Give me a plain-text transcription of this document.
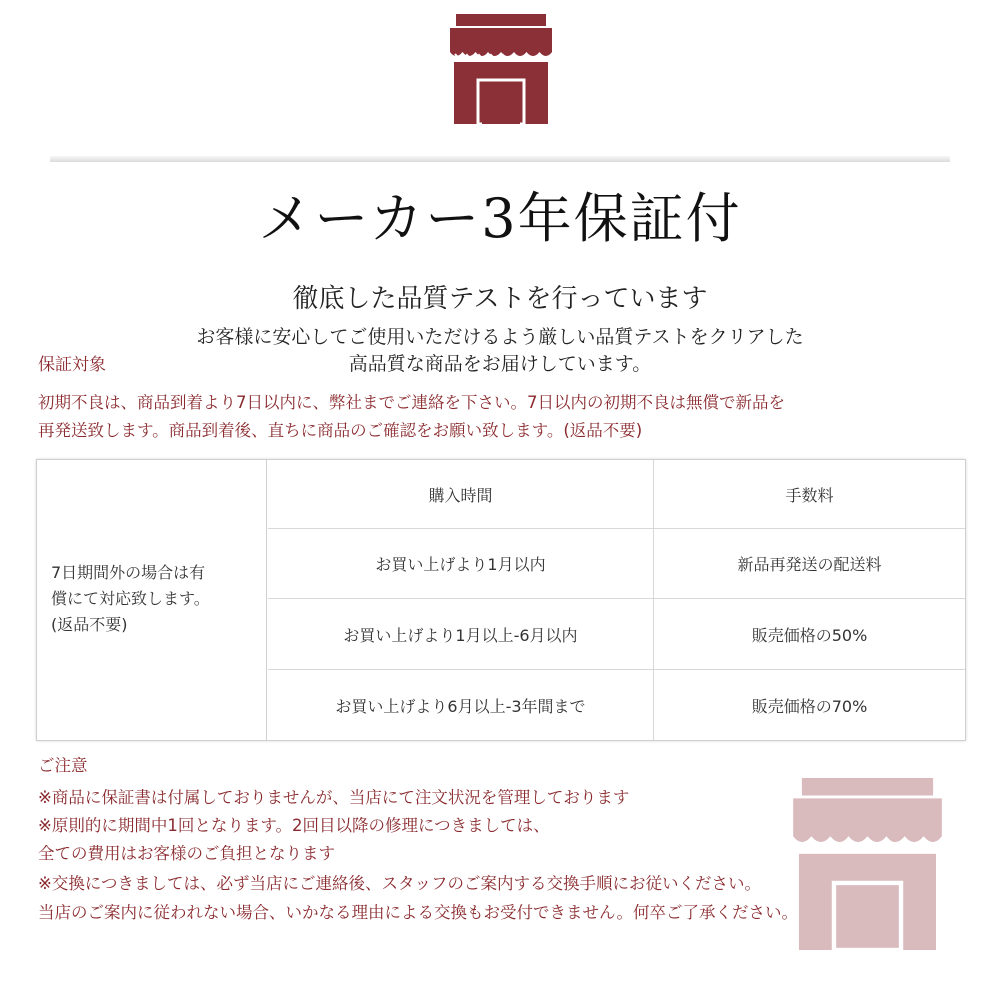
メーカー3年保証付
徹底した品質テストを行っています
お客様に安心してご使用いただけるよう厳しい品質テストをクリアした
高品質な商品をお届けしています。
保証対象
初期不良は、商品到着より7日以内に、弊社までご連絡を下さい。7日以内の初期不良は無償で新品を
再発送致します。商品到着後、直ちに商品のご確認をお願い致します。(返品不要)
7日期間外の場合は有
償にて対応致します。
(返品不要)
購入時間	手数料
お買い上げより1月以内	新品再発送の配送料
お買い上げより1月以上-6月以内	販売価格の50%
お買い上げより6月以上-3年間まで	販売価格の70%
ご注意
※商品に保証書は付属しておりませんが、当店にて注文状況を管理しております
※原則的に期間中1回となります。2回目以降の修理につきましては、
全ての費用はお客様のご負担となります
※交換につきましては、必ず当店にご連絡後、スタッフのご案内する交換手順にお従いください。
当店のご案内に従われない場合、いかなる理由による交換もお受付できません。何卒ご了承ください。
